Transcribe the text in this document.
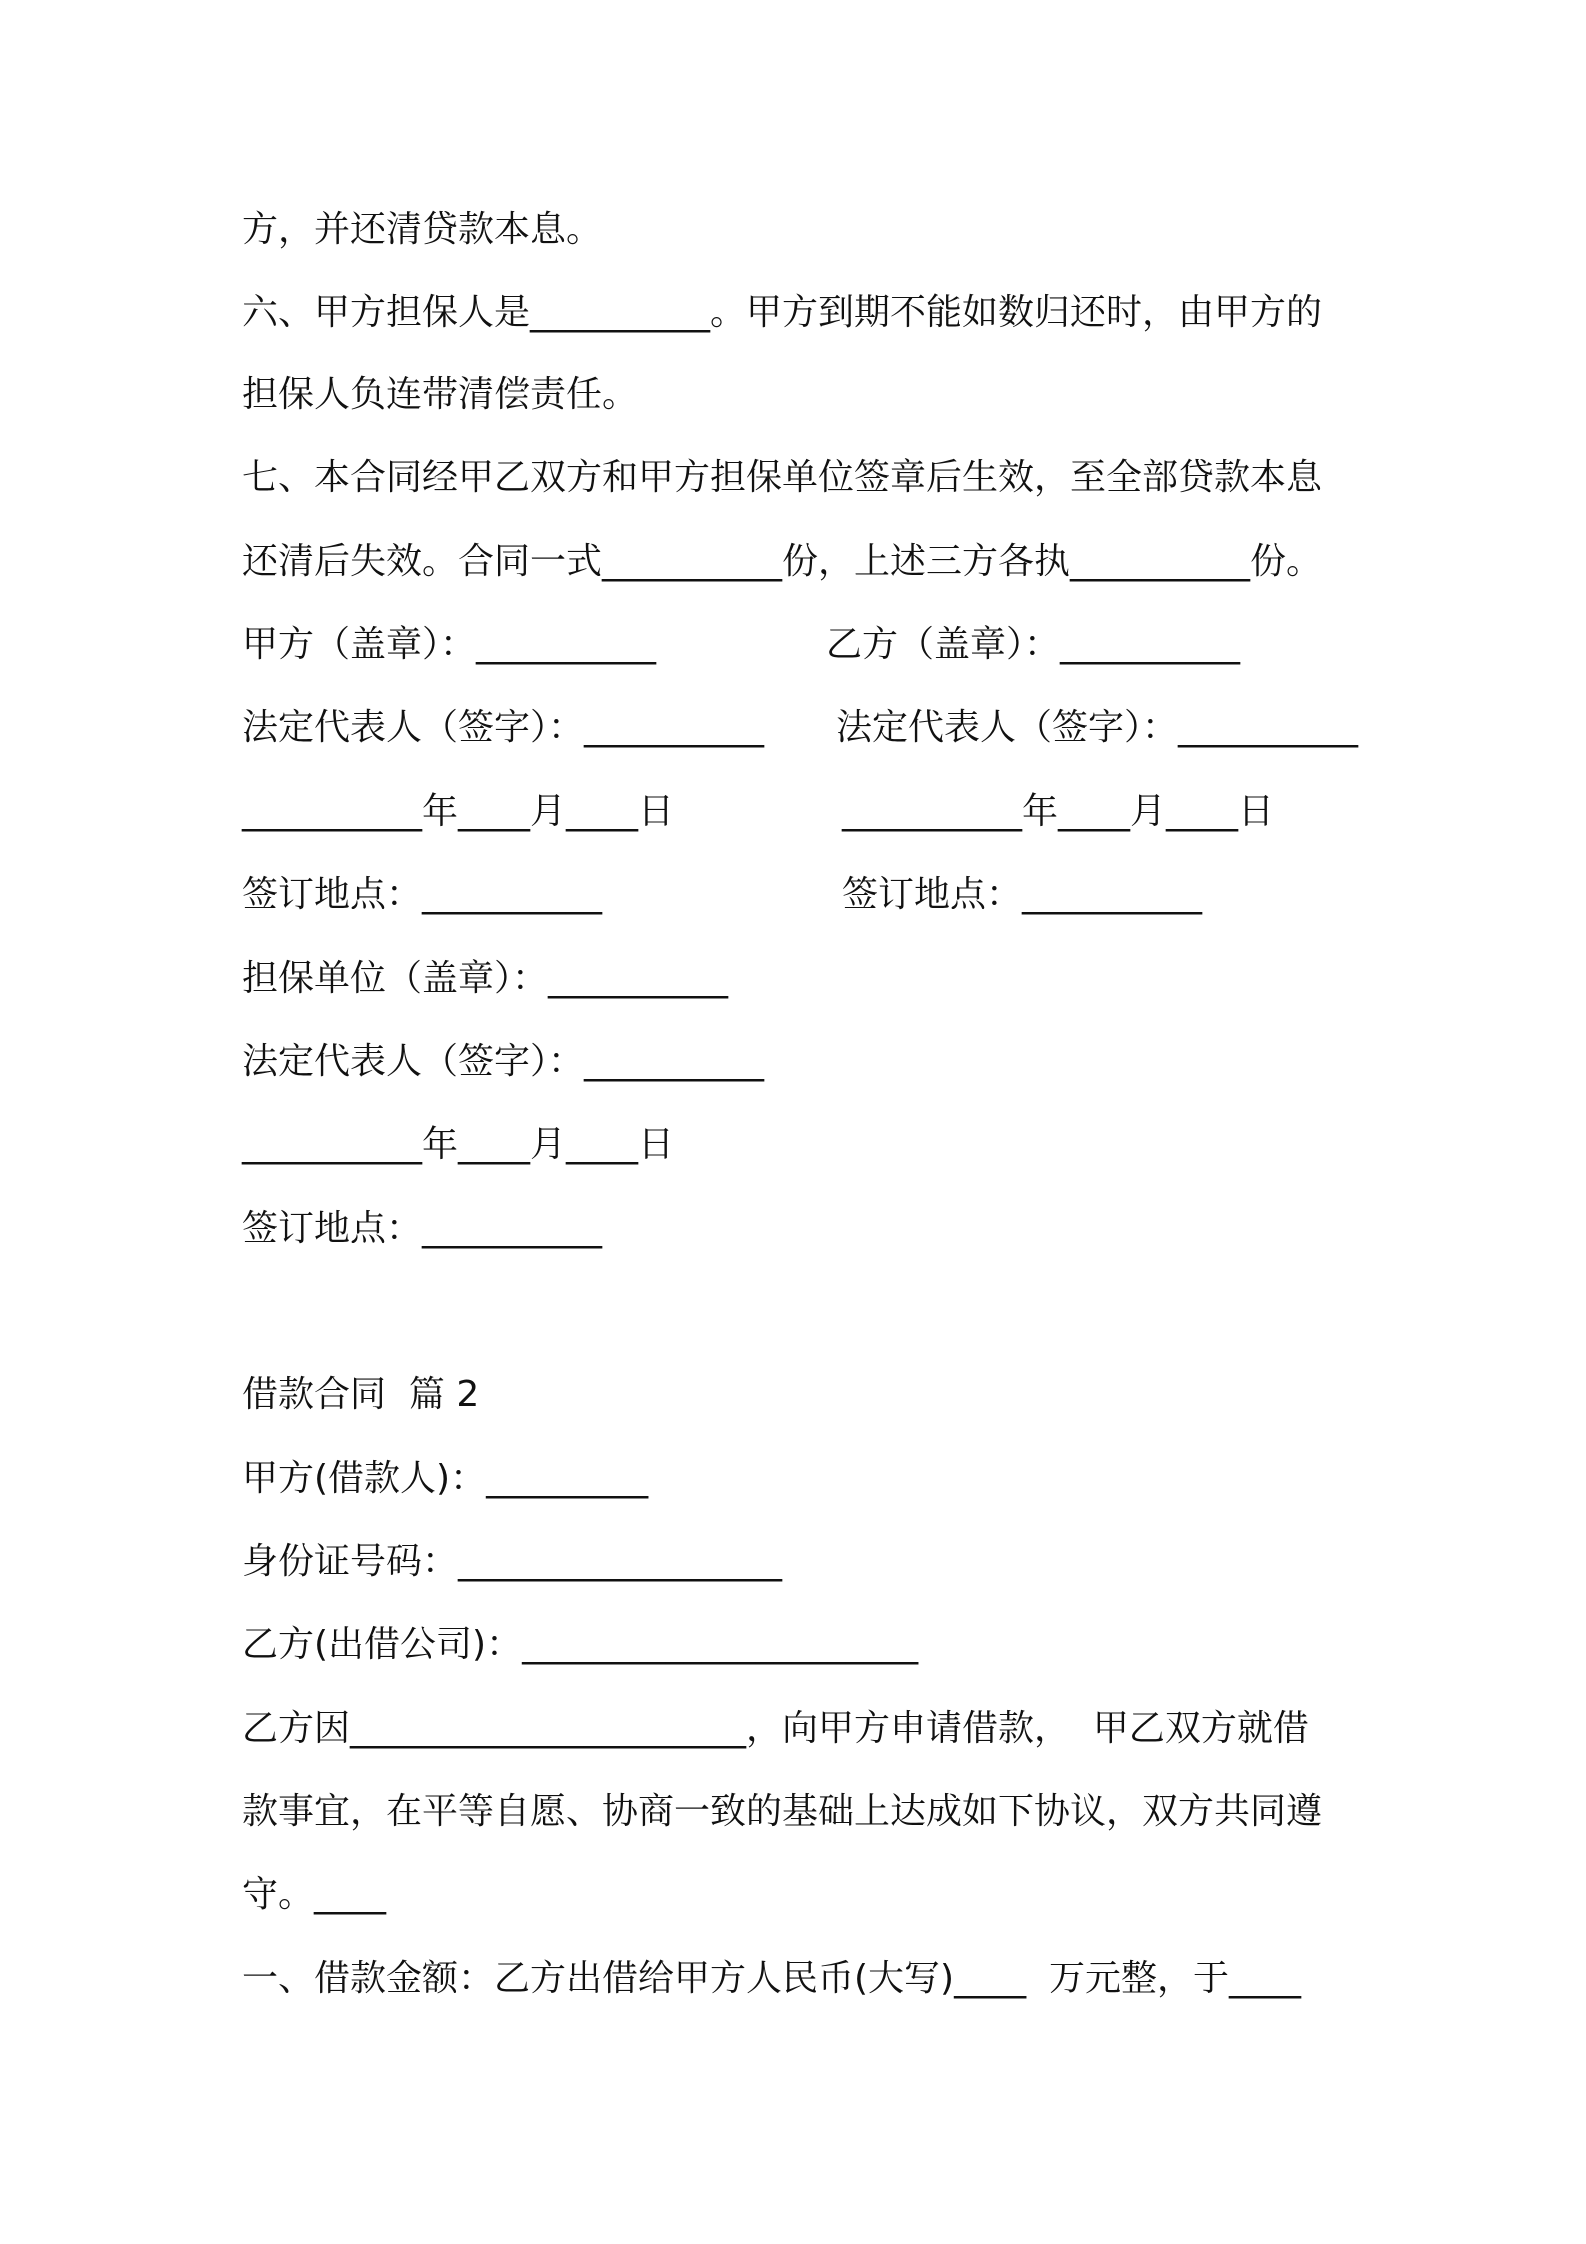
方，并还清贷款本息。

六、甲方担保人是__________。甲方到期不能如数归还时，由甲方的

担保人负连带清偿责任。

七、本合同经甲乙双方和甲方担保单位签章后生效，至全部贷款本息

还清后失效。合同一式__________份，上述三方各执__________份。

甲方（盖章）：__________	乙方（盖章）：__________

法定代表人（签字）：__________ 法定代表人（签字）：__________

__________年____月____日	__________年____月____日

签订地点：__________	签订地点：__________

担保单位（盖章）：__________

法定代表人（签字）：__________

__________年____月____日

签订地点：__________

借款合同  篇 2

甲方(借款人)：_________

身份证号码：__________________

乙方(出借公司)：______________________

乙方因______________________，向甲方申请借款，  甲乙双方就借

款事宜，在平等自愿、协商一致的基础上达成如下协议，双方共同遵

守。____

一、借款金额：乙方出借给甲方人民币(大写)____  万元整，于____
